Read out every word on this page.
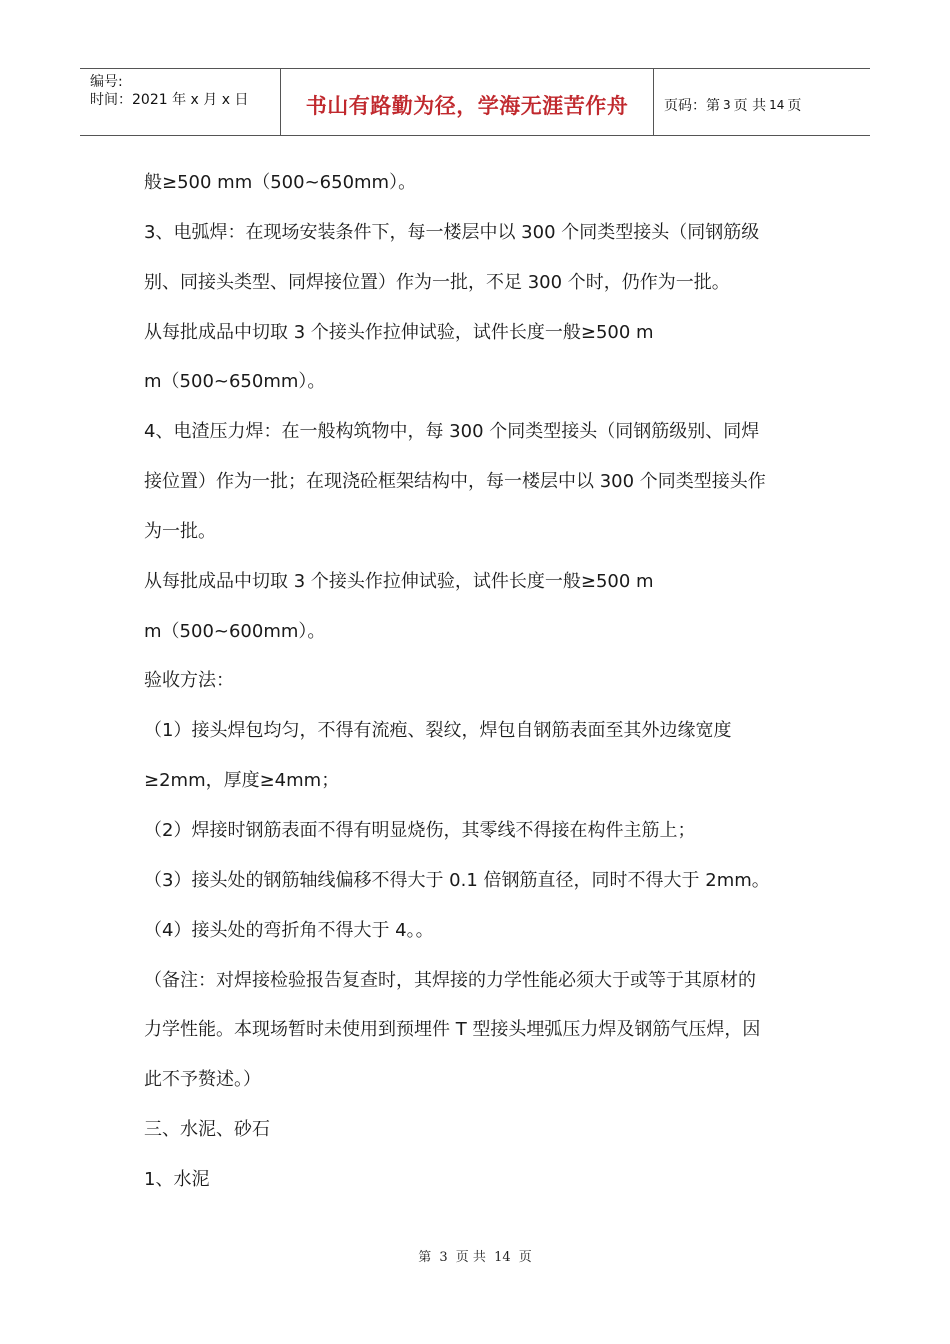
编号:
时间：2021 年 x 月 x 日	书山有路勤为径，学海无涯苦作舟	页码：第 3 页 共 14 页
般≥500 mm（500~650mm）。
3、电弧焊：在现场安装条件下，每一楼层中以 300 个同类型接头（同钢筋级
别、同接头类型、同焊接位置）作为一批，不足 300 个时，仍作为一批。
从每批成品中切取 3 个接头作拉伸试验，试件长度一般≥500 m
m（500~650mm）。
4、电渣压力焊：在一般构筑物中，每 300 个同类型接头（同钢筋级别、同焊
接位置）作为一批；在现浇砼框架结构中，每一楼层中以 300 个同类型接头作
为一批。
从每批成品中切取 3 个接头作拉伸试验，试件长度一般≥500 m
m（500~600mm）。
验收方法：
（1）接头焊包均匀，不得有流疱、裂纹，焊包自钢筋表面至其外边缘宽度
≥2mm，厚度≥4mm；
（2）焊接时钢筋表面不得有明显烧伤，其零线不得接在构件主筋上；
（3）接头处的钢筋轴线偏移不得大于 0.1 倍钢筋直径，同时不得大于 2mm。
（4）接头处的弯折角不得大于 4。。
（备注：对焊接检验报告复查时，其焊接的力学性能必须大于或等于其原材的
力学性能。本现场暂时未使用到预埋件 T 型接头埋弧压力焊及钢筋气压焊，因
此不予赘述。）
三、水泥、砂石
1、水泥
第 3 页 共 14 页
